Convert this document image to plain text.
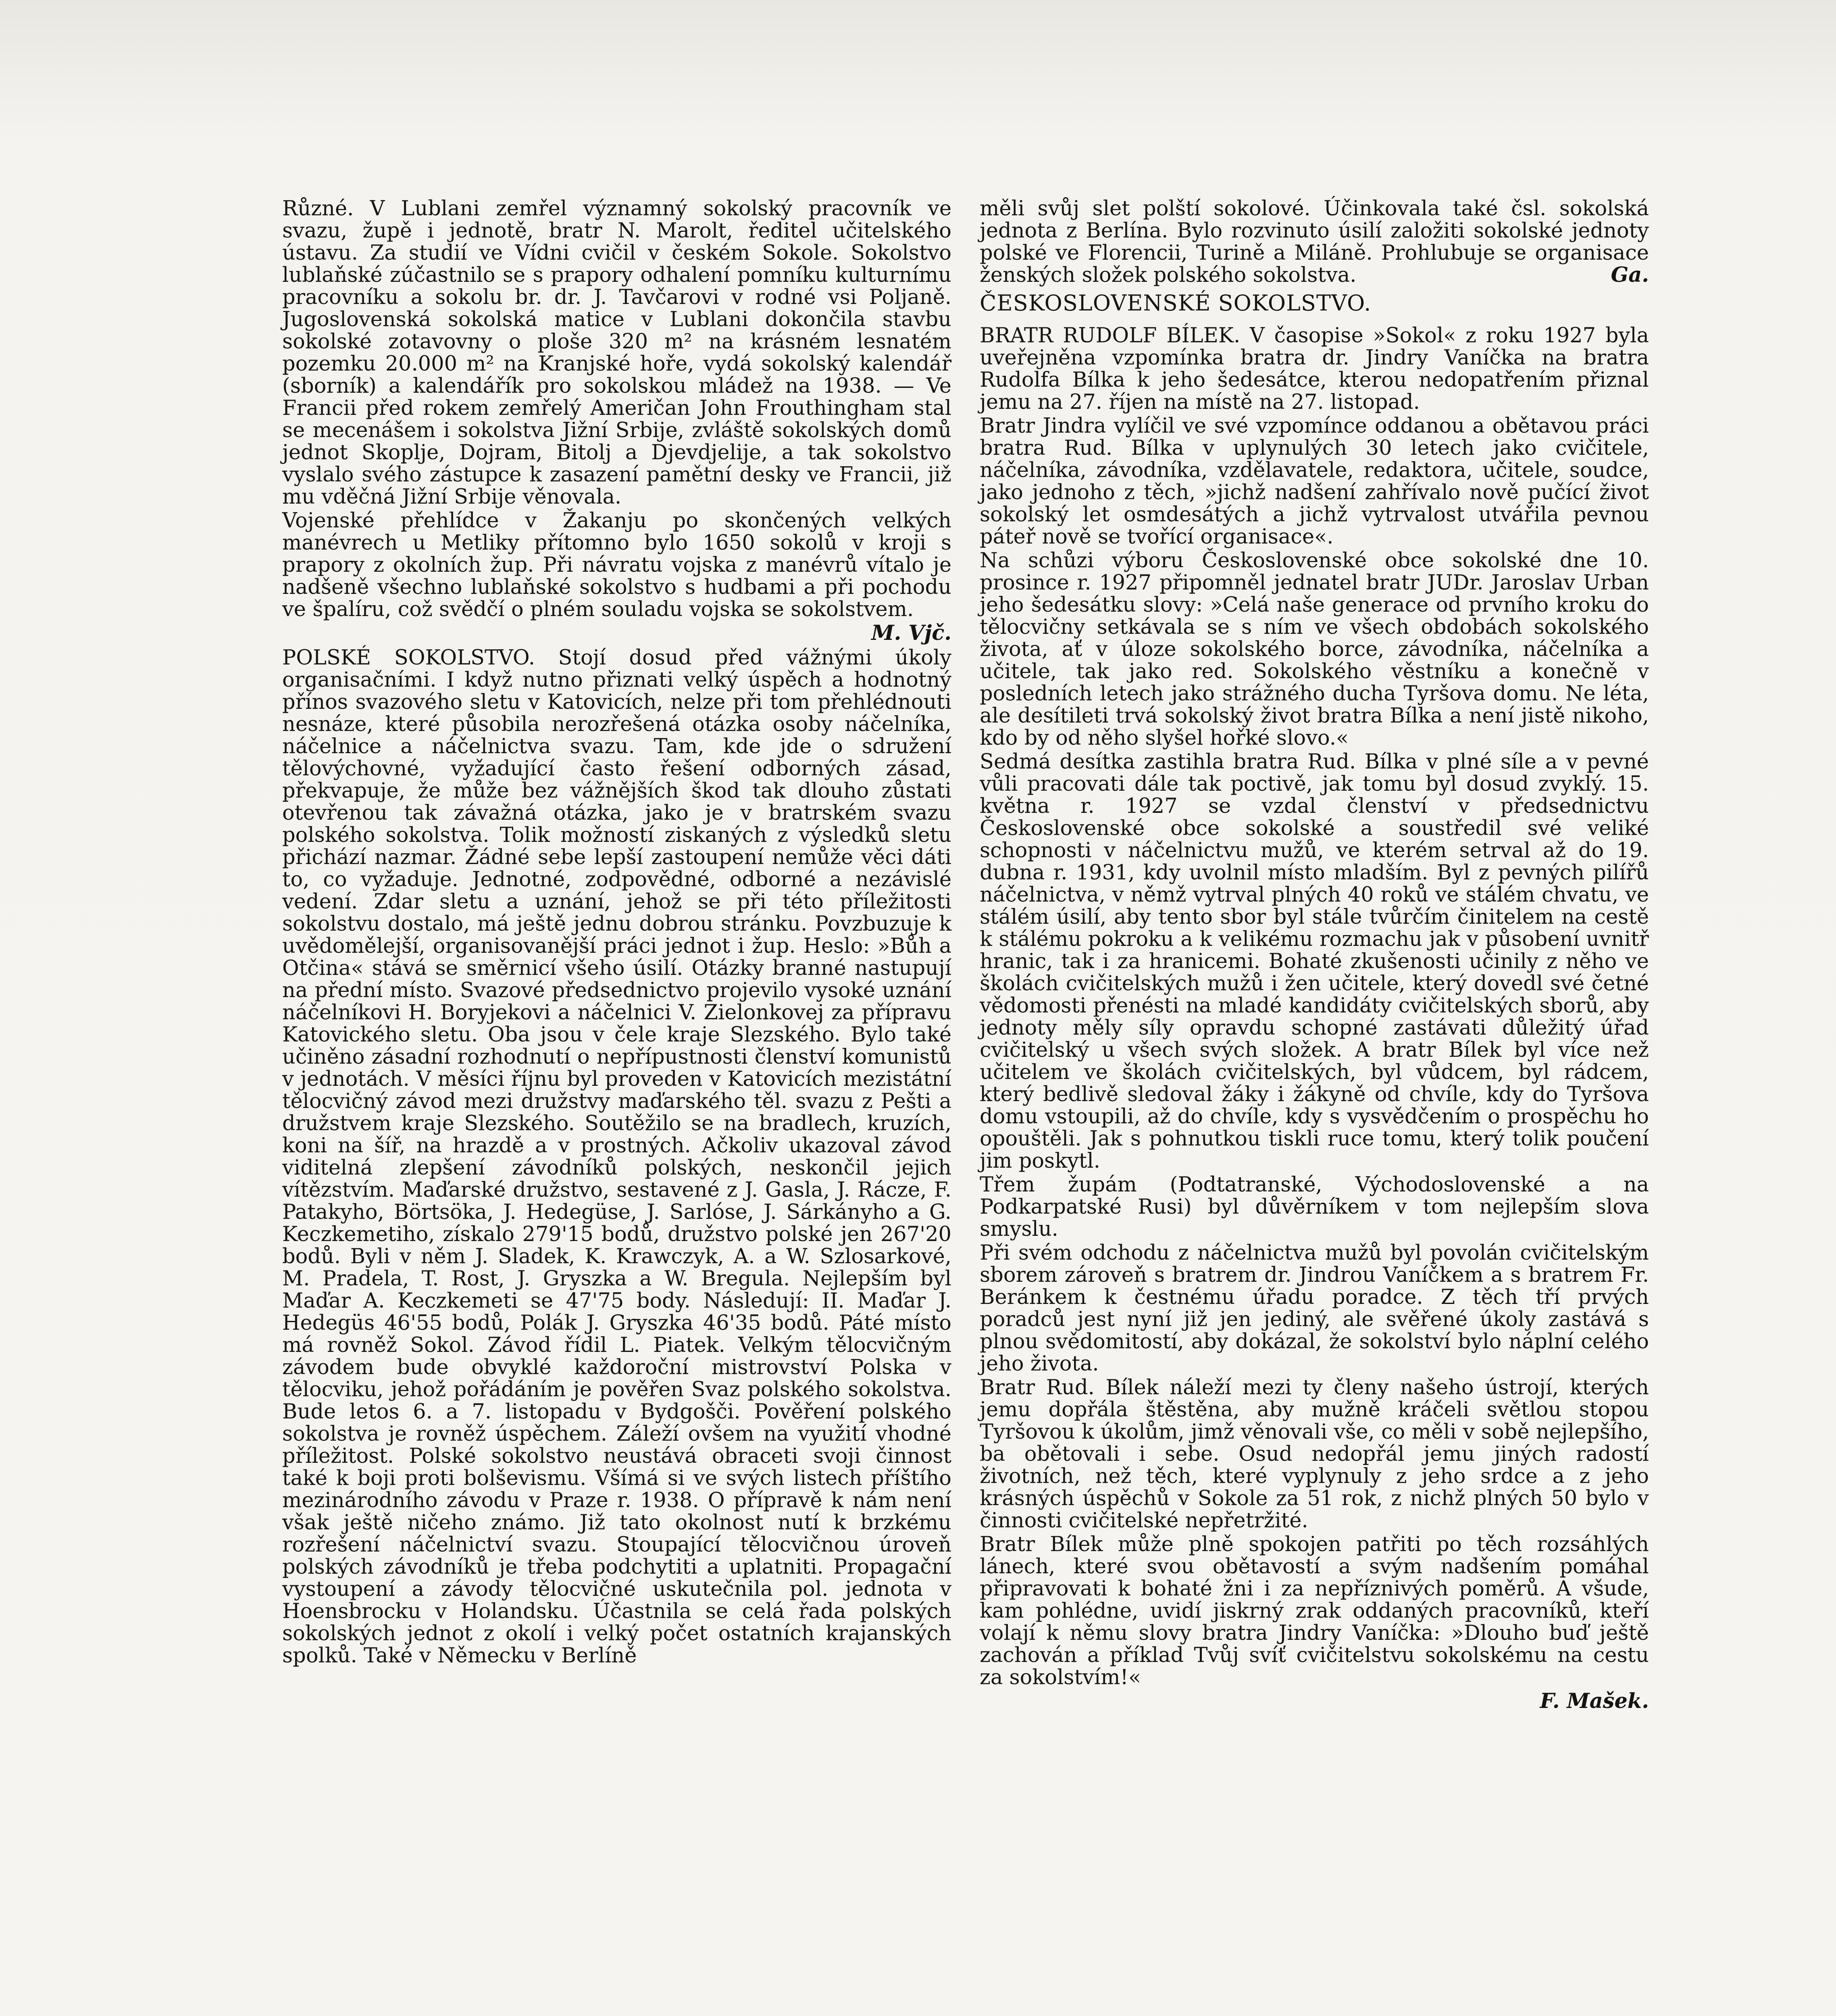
Různé. V Lublani zemřel významný sokolský pracovník ve svazu, župě i jednotě, bratr N. Marolt, ředitel učitelského ústavu. Za studií ve Vídni cvičil v českém Sokole. Sokolstvo lublaňské zúčastnilo se s prapory odhalení pomníku kulturnímu pracovníku a sokolu br. dr. J. Tavčarovi v rodné vsi Poljaně. Jugoslovenská sokolská matice v Lublani dokončila stavbu sokolské zotavovny o ploše 320 m² na krásném lesnatém pozemku 20.000 m² na Kranjské hoře, vydá sokolský kalendář (sborník) a kalendářík pro sokolskou mládež na 1938. — Ve Francii před rokem zemřelý Američan John Frouthingham stal se mecenášem i sokolstva Jižní Srbije, zvláště sokolských domů jednot Skoplje, Dojram, Bitolj a Djevdjelije, a tak sokolstvo vyslalo svého zástupce k zasazení pamětní desky ve Francii, již mu vděčná Jižní Srbije věnovala.

Vojenské přehlídce v Žakanju po skončených velkých manévrech u Metliky přítomno bylo 1650 sokolů v kroji s prapory z okolních žup. Při návratu vojska z manévrů vítalo je nadšeně všechno lublaňské sokolstvo s hudbami a při pochodu ve špalíru, což svědčí o plném souladu vojska se sokolstvem.

M. Vjč.

POLSKÉ SOKOLSTVO. Stojí dosud před vážnými úkoly organisačními. I když nutno přiznati velký úspěch a hodnotný přínos svazového sletu v Katovicích, nelze při tom přehlédnouti nesnáze, které působila nerozřešená otázka osoby náčelníka, náčelnice a náčelnictva svazu. Tam, kde jde o sdružení tělovýchovné, vyžadující často řešení odborných zásad, překvapuje, že může bez vážnějších škod tak dlouho zůstati otevřenou tak závažná otázka, jako je v bratrském svazu polského sokolstva. Tolik možností ziskaných z výsledků sletu přichází nazmar. Žádné sebe lepší zastoupení nemůže věci dáti to, co vyžaduje. Jednotné, zodpovědné, odborné a nezávislé vedení. Zdar sletu a uznání, jehož se při této příležitosti sokolstvu dostalo, má ještě jednu dobrou stránku. Povzbuzuje k uvědomělejší, organisovanější práci jednot i žup. Heslo: »Bůh a Otčina« stává se směrnicí všeho úsilí. Otázky branné nastupují na přední místo. Svazové předsednictvo projevilo vysoké uznání náčelníkovi H. Boryjekovi a náčelnici V. Zielonkovej za přípravu Katovického sletu. Oba jsou v čele kraje Slezského. Bylo také učiněno zásadní rozhodnutí o nepřípustnosti členství komunistů v jednotách. V měsíci říjnu byl proveden v Katovicích mezistátní tělocvičný závod mezi družstvy maďarského těl. svazu z Pešti a družstvem kraje Slezského. Soutěžilo se na bradlech, kruzích, koni na šíř, na hrazdě a v prostných. Ačkoliv ukazoval závod viditelná zlepšení závodníků polských, neskončil jejich vítězstvím. Maďarské družstvo, sestavené z J. Gasla, J. Rácze, F. Patakyho, Börtsöka, J. Hedegüse, J. Sarlóse, J. Sárkányho a G. Keczkemetiho, získalo 279'15 bodů, družstvo polské jen 267'20 bodů. Byli v něm J. Sladek, K. Krawczyk, A. a W. Szlosarkové, M. Pradela, T. Rost, J. Gryszka a W. Bregula. Nejlepším byl Maďar A. Keczkemeti se 47'75 body. Následují: II. Maďar J. Hedegüs 46'55 bodů, Polák J. Gryszka 46'35 bodů. Páté místo má rovněž Sokol. Závod řídil L. Piatek. Velkým tělocvičným závodem bude obvyklé každoroční mistrovství Polska v tělocviku, jehož pořádáním je pověřen Svaz polského sokolstva. Bude letos 6. a 7. listopadu v Bydgošči. Pověření polského sokolstva je rovněž úspěchem. Záleží ovšem na využití vhodné příležitost. Polské sokolstvo neustává obraceti svoji činnost také k boji proti bolševismu. Všímá si ve svých listech příštího mezinárodního závodu v Praze r. 1938. O přípravě k nám není však ještě ničeho známo. Již tato okolnost nutí k brzkému rozřešení náčelnictví svazu. Stoupající tělocvičnou úroveň polských závodníků je třeba podchytiti a uplatniti. Propagační vystoupení a závody tělocvičné uskutečnila pol. jednota v Hoensbrocku v Holandsku. Účastnila se celá řada polských sokolských jednot z okolí i velký počet ostatních krajanských spolků. Také v Německu v Berlíně

měli svůj slet polští sokolové. Účinkovala také čsl. sokolská jednota z Berlína. Bylo rozvinuto úsilí založiti sokolské jednoty polské ve Florencii, Turině a Miláně. Prohlubuje se organisace ženských složek polského sokolstva.	Ga.

ČESKOSLOVENSKÉ SOKOLSTVO.

BRATR RUDOLF BÍLEK. V časopise »Sokol« z roku 1927 byla uveřejněna vzpomínka bratra dr. Jindry Vaníčka na bratra Rudolfa Bílka k jeho šedesátce, kterou nedopatřením přiznal jemu na 27. říjen na místě na 27. listopad.

Bratr Jindra vylíčil ve své vzpomínce oddanou a obětavou práci bratra Rud. Bílka v uplynulých 30 letech jako cvičitele, náčelníka, závodníka, vzdělavatele, redaktora, učitele, soudce, jako jednoho z těch, »jichž nadšení zahřívalo nově pučící život sokolský let osmdesátých a jichž vytrvalost utvářila pevnou páteř nově se tvořící organisace«.

Na schůzi výboru Československé obce sokolské dne 10. prosince r. 1927 připomněl jednatel bratr JUDr. Jaroslav Urban jeho šedesátku slovy: »Celá naše generace od prvního kroku do tělocvičny setkávala se s ním ve všech obdobách sokolského života, ať v úloze sokolského borce, závodníka, náčelníka a učitele, tak jako red. Sokolského věstníku a konečně v posledních letech jako strážného ducha Tyršova domu. Ne léta, ale desítileti trvá sokolský život bratra Bílka a není jistě nikoho, kdo by od něho slyšel hořké slovo.«

Sedmá desítka zastihla bratra Rud. Bílka v plné síle a v pevné vůli pracovati dále tak poctivě, jak tomu byl dosud zvyklý. 15. května r. 1927 se vzdal členství v předsednictvu Československé obce sokolské a soustředil své veliké schopnosti v náčelnictvu mužů, ve kterém setrval až do 19. dubna r. 1931, kdy uvolnil místo mladším. Byl z pevných pilířů náčelnictva, v němž vytrval plných 40 roků ve stálém chvatu, ve stálém úsilí, aby tento sbor byl stále tvůrčím činitelem na cestě k stálému pokroku a k velikému rozmachu jak v působení uvnitř hranic, tak i za hranicemi. Bohaté zkušenosti učinily z něho ve školách cvičitelských mužů i žen učitele, který dovedl své četné vědomosti přenésti na mladé kandidáty cvičitelských sborů, aby jednoty měly síly opravdu schopné zastávati důležitý úřad cvičitelský u všech svých složek. A bratr Bílek byl více než učitelem ve školách cvičitelských, byl vůdcem, byl rádcem, který bedlivě sledoval žáky i žákyně od chvíle, kdy do Tyršova domu vstoupili, až do chvíle, kdy s vysvědčením o prospěchu ho opouštěli. Jak s pohnutkou tiskli ruce tomu, který tolik poučení jim poskytl.

Třem župám (Podtatranské, Východoslovenské a na Podkarpatské Rusi) byl důvěrníkem v tom nejlepším slova smyslu.

Při svém odchodu z náčelnictva mužů byl povolán cvičitelským sborem zároveň s bratrem dr. Jindrou Vaníčkem a s bratrem Fr. Beránkem k čestnému úřadu poradce. Z těch tří prvých poradců jest nyní již jen jediný, ale svěřené úkoly zastává s plnou svědomitostí, aby dokázal, že sokolství bylo náplní celého jeho života.

Bratr Rud. Bílek náleží mezi ty členy našeho ústrojí, kterých jemu dopřála štěstěna, aby mužně kráčeli světlou stopou Tyršovou k úkolům, jimž věnovali vše, co měli v sobě nejlepšího, ba obětovali i sebe. Osud nedopřál jemu jiných radostí životních, než těch, které vyplynuly z jeho srdce a z jeho krásných úspěchů v Sokole za 51 rok, z nichž plných 50 bylo v činnosti cvičitelské nepřetržité.

Bratr Bílek může plně spokojen patřiti po těch rozsáhlých lánech, které svou obětavostí a svým nadšením pomáhal připravovati k bohaté žni i za nepříznivých poměrů. A všude, kam pohlédne, uvidí jiskrný zrak oddaných pracovníků, kteří volají k němu slovy bratra Jindry Vaníčka: »Dlouho buď ještě zachován a příklad Tvůj svíť cvičitelstvu sokolskému na cestu za sokolstvím!«

F. Mašek.
